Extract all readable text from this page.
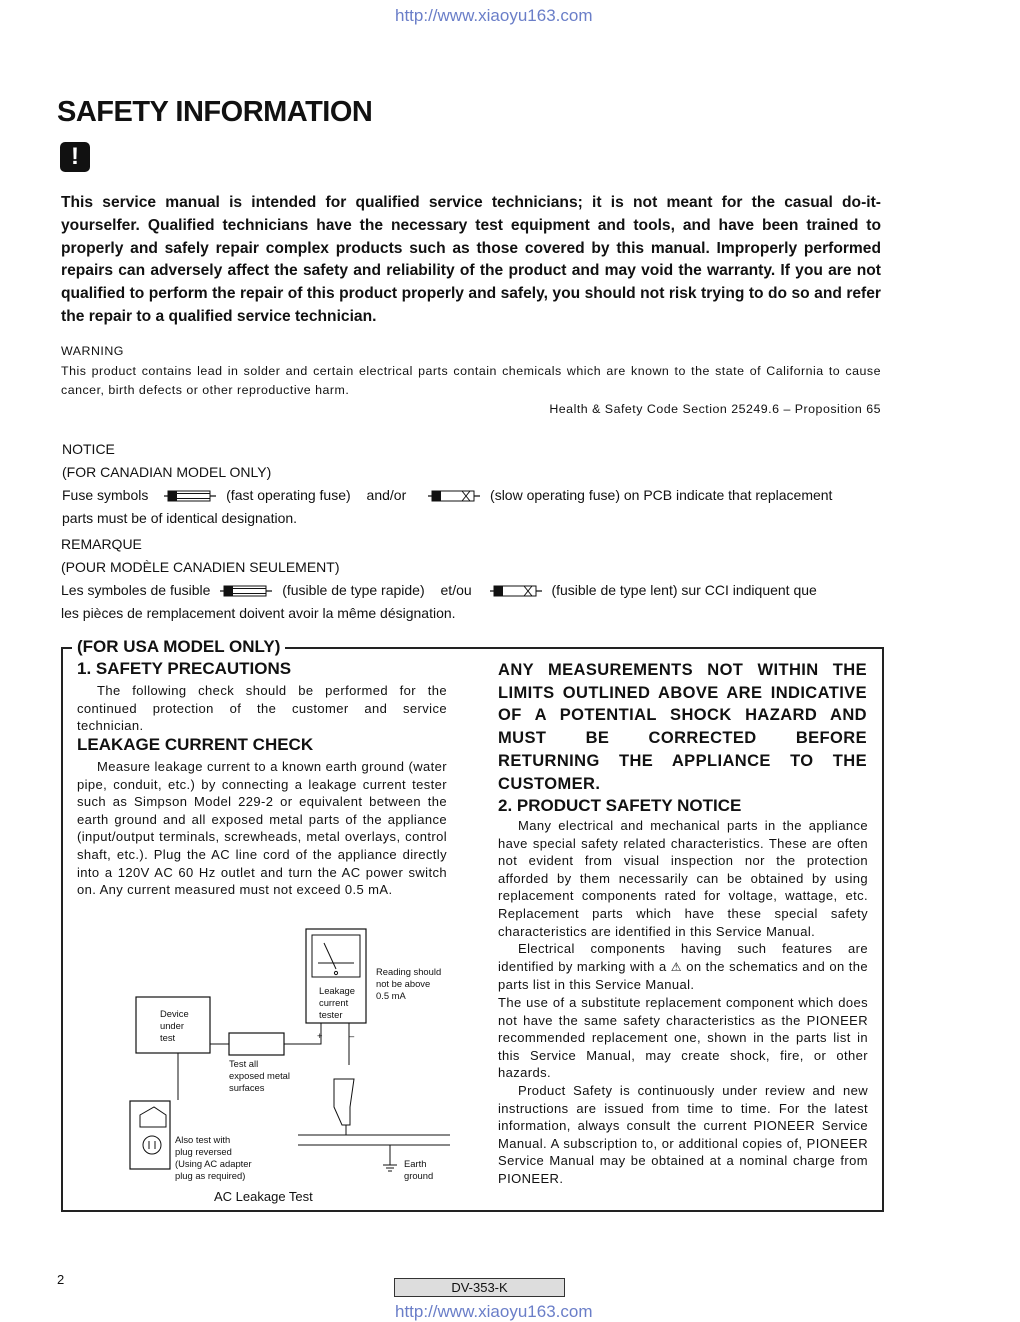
http://www.xiaoyu163.com
SAFETY INFORMATION
!
This service manual is intended for qualified service technicians; it is not meant for the casual do-it-yourselfer. Qualified technicians have the necessary test equipment and tools, and have been trained to properly and safely repair complex products such as those covered by this manual. Improperly performed repairs can adversely affect the safety and reliability of the product and may void the warranty. If you are not qualified to perform the repair of this product properly and safely, you should not risk trying to do so and refer the repair to a qualified service technician.
WARNING
This product contains lead in solder and certain electrical parts contain chemicals which are known to the state of California to cause cancer, birth defects or other reproductive harm.
Health & Safety Code Section 25249.6 – Proposition 65
NOTICE
(FOR CANADIAN MODEL ONLY)
Fuse symbols	(fast operating fuse) and/or	(slow operating fuse) on PCB indicate that replacement
parts must be of identical designation.
REMARQUE
(POUR MODÈLE CANADIEN SEULEMENT)
Les symboles de fusible	(fusible de type rapide) et/ou	(fusible de type lent) sur CCI indiquent que
les pièces de remplacement doivent avoir la même désignation.
(FOR USA MODEL ONLY)
1. SAFETY PRECAUTIONS
The following check should be performed for the continued protection of the customer and service technician.
LEAKAGE CURRENT CHECK
Measure leakage current to a known earth ground (water pipe, conduit, etc.) by connecting a leakage current tester such as Simpson Model 229-2 or equivalent between the earth ground and all exposed metal parts of the appliance (input/output terminals, screwheads, metal overlays, control shaft, etc.). Plug the AC line cord of the appliance directly into a 120V AC 60 Hz outlet and turn the AC power switch on. Any current measured must not exceed 0.5 mA.
ANY MEASUREMENTS NOT WITHIN THE LIMITS OUTLINED ABOVE ARE INDICATIVE OF A POTENTIAL SHOCK HAZARD AND MUST BE CORRECTED BEFORE RETURNING THE APPLIANCE TO THE CUSTOMER.
2. PRODUCT SAFETY NOTICE
Many electrical and mechanical parts in the appliance have special safety related characteristics. These are often not evident from visual inspection nor the protection afforded by them necessarily can be obtained by using replacement components rated for voltage, wattage, etc. Replacement parts which have these special safety characteristics are identified in this Service Manual.
Electrical components having such features are identified by marking with a ⚠ on the schematics and on the parts list in this Service Manual.
The use of a substitute replacement component which does not have the same safety characteristics as the PIONEER recommended replacement one, shown in the parts list in this Service Manual, may create shock, fire, or other hazards.
Product Safety is continuously under review and new instructions are issued from time to time. For the latest information, always consult the current PIONEER Service Manual. A subscription to, or additional copies of, PIONEER Service Manual may be obtained at a nominal charge from PIONEER.
Device
under
test
Leakage
current
tester
Reading should
not be above
0.5 mA
+	–
Test all
exposed metal
surfaces
Also test with
plug reversed
(Using AC adapter
plug as required)
Earth
ground
AC Leakage Test
2
DV-353-K
http://www.xiaoyu163.com
